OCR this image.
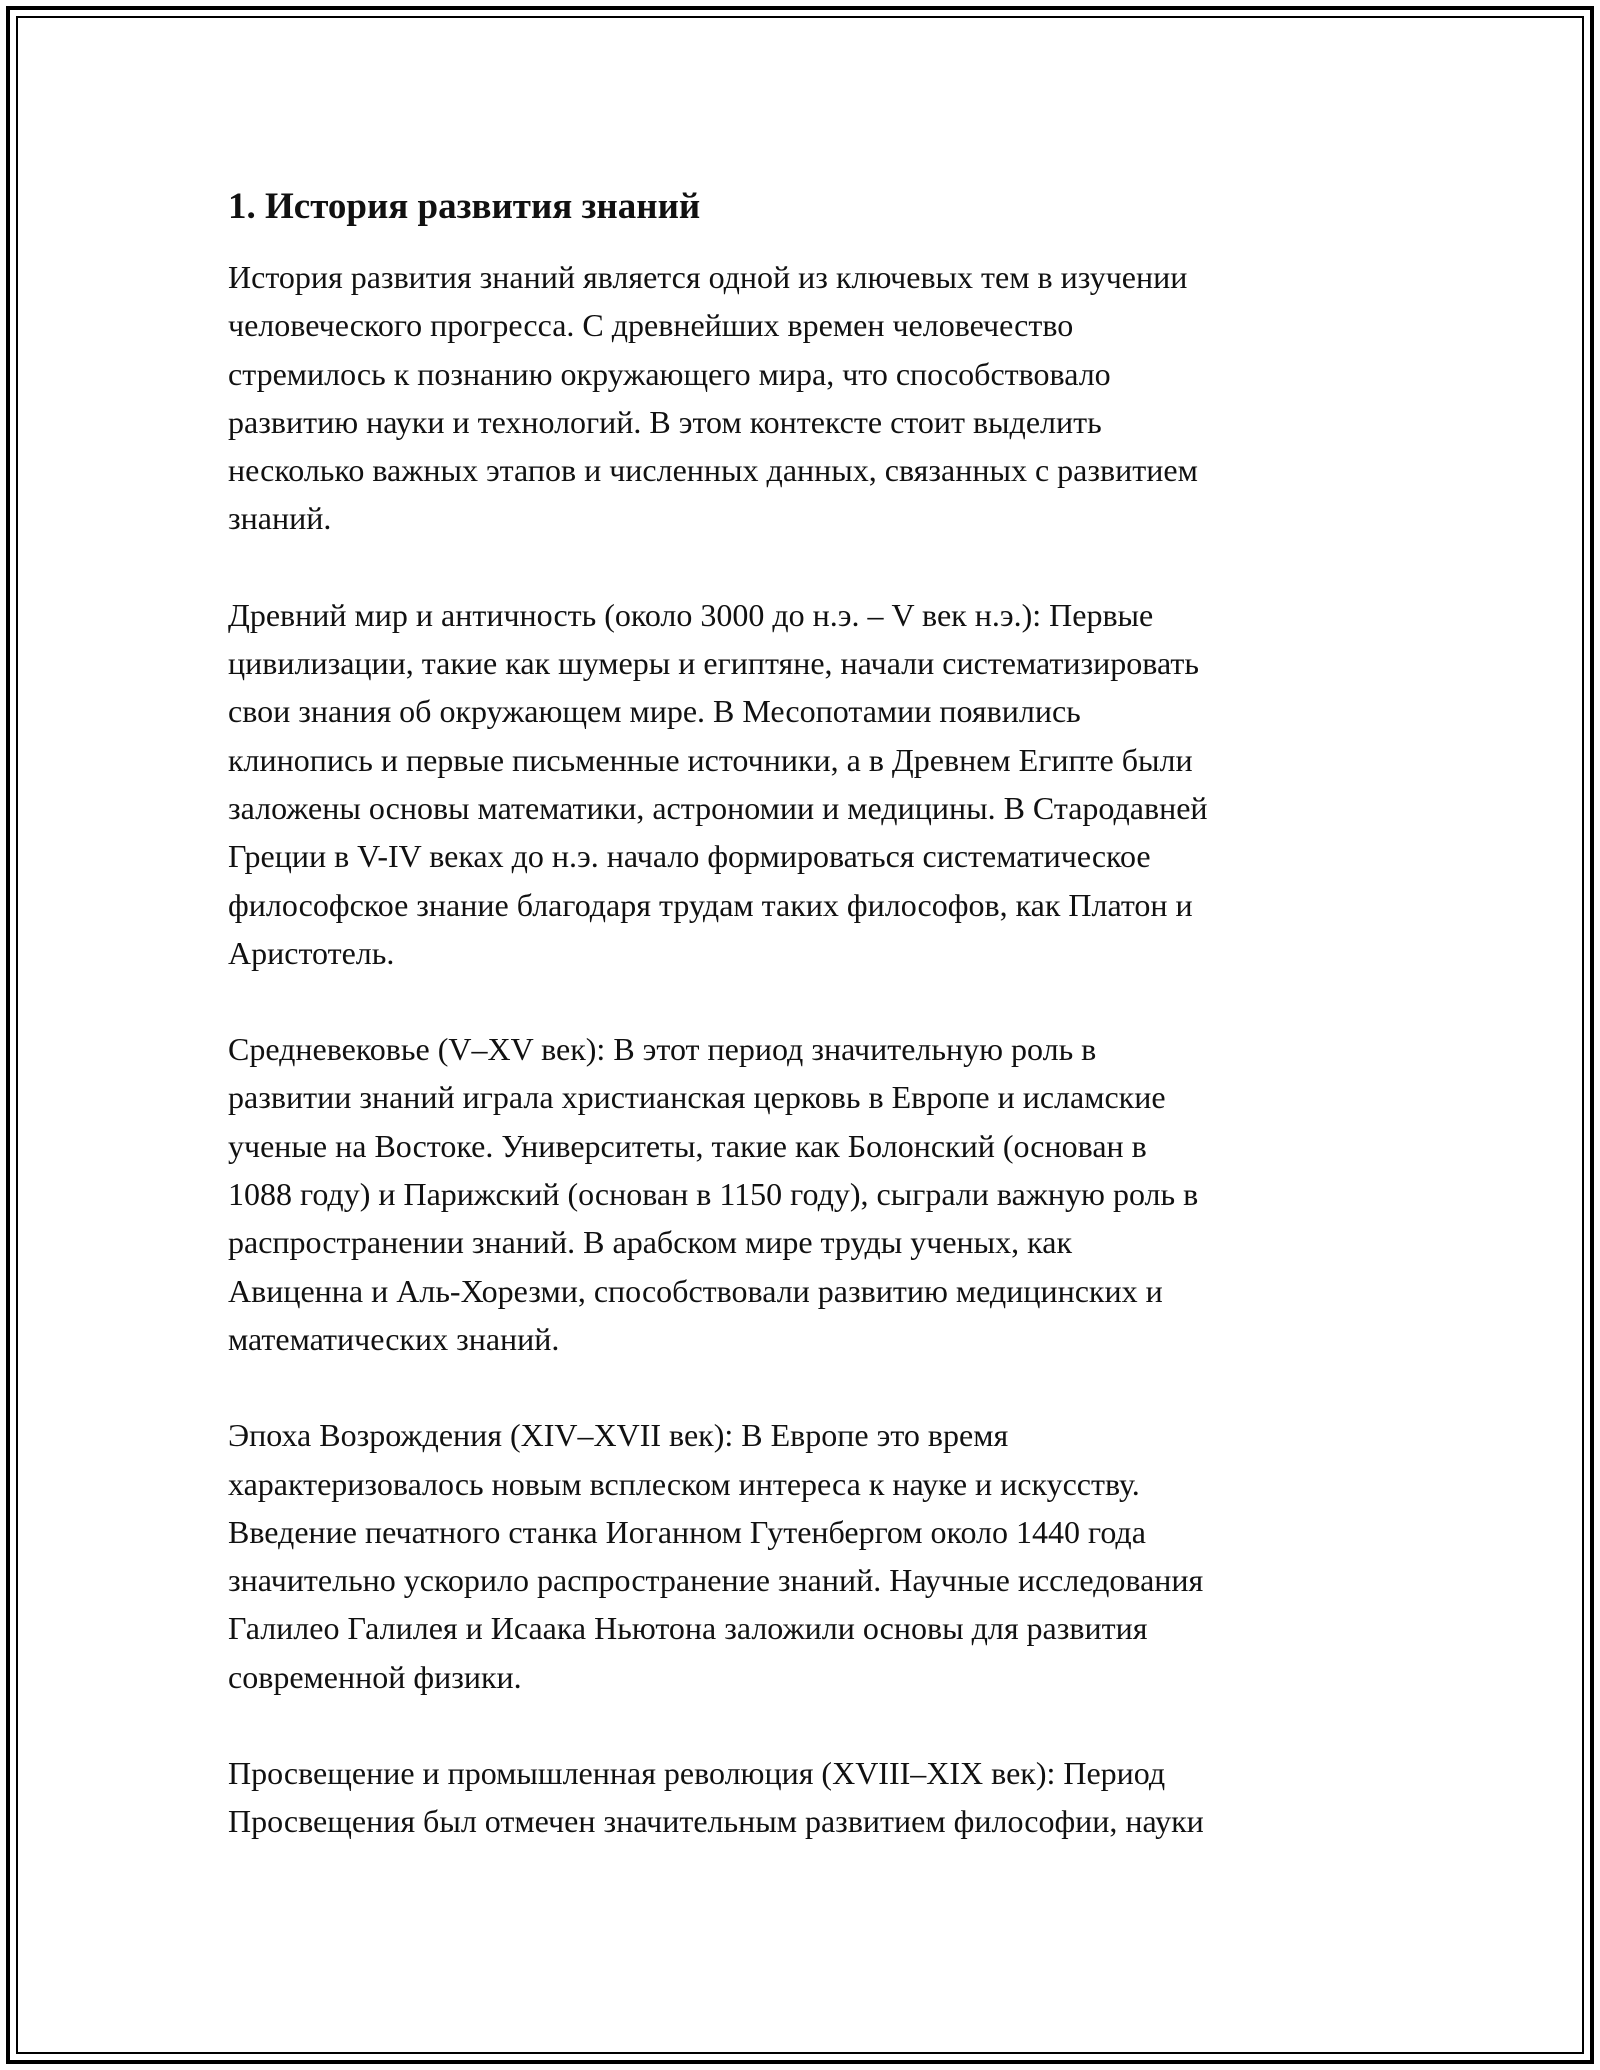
1. История развития знаний
История развития знаний является одной из ключевых тем в изучении
человеческого прогресса. С древнейших времен человечество
стремилось к познанию окружающего мира, что способствовало
развитию науки и технологий. В этом контексте стоит выделить
несколько важных этапов и численных данных, связанных с развитием
знаний.
Древний мир и античность (около 3000 до н.э. – V век н.э.): Первые
цивилизации, такие как шумеры и египтяне, начали систематизировать
свои знания об окружающем мире. В Месопотамии появились
клинопись и первые письменные источники, а в Древнем Египте были
заложены основы математики, астрономии и медицины. В Стародавней
Греции в V-IV веках до н.э. начало формироваться систематическое
философское знание благодаря трудам таких философов, как Платон и
Аристотель.
Средневековье (V–XV век): В этот период значительную роль в
развитии знаний играла христианская церковь в Европе и исламские
ученые на Востоке. Университеты, такие как Болонский (основан в
1088 году) и Парижский (основан в 1150 году), сыграли важную роль в
распространении знаний. В арабском мире труды ученых, как
Авиценна и Аль-Хорезми, способствовали развитию медицинских и
математических знаний.
Эпоха Возрождения (XIV–XVII век): В Европе это время
характеризовалось новым всплеском интереса к науке и искусству.
Введение печатного станка Иоганном Гутенбергом около 1440 года
значительно ускорило распространение знаний. Научные исследования
Галилео Галилея и Исаака Ньютона заложили основы для развития
современной физики.
Просвещение и промышленная революция (XVIII–XIX век): Период
Просвещения был отмечен значительным развитием философии, науки
